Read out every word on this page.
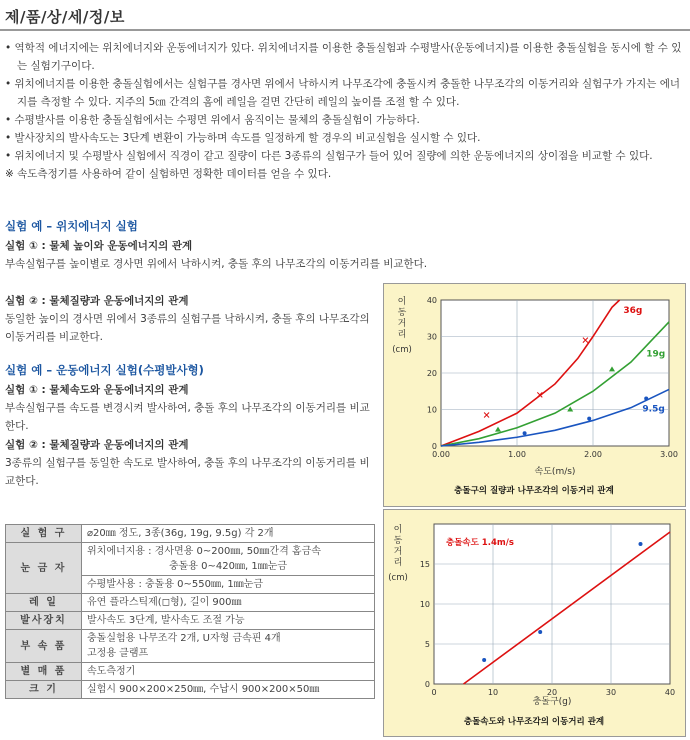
제/품/상/세/정/보
• 역학적 에너지에는 위치에너지와 운동에너지가 있다. 위치에너지를 이용한 충돌실험과 수평발사(운동에너지)를 이용한 충돌실험을 동시에 할 수 있는 실험기구이다.
• 위치에너지를 이용한 충돌실험에서는 실험구를 경사면 위에서 낙하시켜 나무조각에 충돌시켜 충돌한 나무조각의 이동거리와 실험구가 가지는 에너지를 측정할 수 있다. 지주의 5㎝ 간격의 홈에 레일을 걸면 간단히 레일의 높이를 조절 할 수 있다.
• 수평발사를 이용한 충돌실험에서는 수평면 위에서 움직이는 물체의 충돌실험이 가능하다.
• 발사장치의 발사속도는 3단계 변환이 가능하며 속도를 일정하게 할 경우의 비교실험을 실시할 수 있다.
• 위치에너지 및 수평발사 실험에서 직경이 같고 질량이 다른 3종류의 실험구가 들어 있어 질량에 의한 운동에너지의 상이점을 비교할 수 있다.
※ 속도측정기를 사용하여 같이 실험하면 정확한 데이터를 얻을 수 있다.
실험 예 – 위치에너지 실험
실험 ① : 물체 높이와 운동에너지의 관계
부속실험구를 높이별로 경사면 위에서 낙하시켜, 충돌 후의 나무조각의 이동거리를 비교한다.
실험 ② : 물체질량과 운동에너지의 관계
동일한 높이의 경사면 위에서 3종류의 실험구를 낙하시켜, 충돌 후의 나무조각의 이동거리를 비교한다.
실험 예 – 운동에너지 실험(수평발사형)
실험 ① : 물체속도와 운동에너지의 관계
부속실험구를 속도를 변경시켜 발사하여, 충돌 후의 나무조각의 이동거리를 비교한다.
실험 ② : 물체질량과 운동에너지의 관계
3종류의 실험구를 동일한 속도로 발사하여, 충돌 후의 나무조각의 이동거리를 비교한다.
실 험 구	⌀20㎜ 정도, 3종(36g, 19g, 9.5g) 각 2개
눈 금 자	위치에너지용 : 경사면용 0~200㎜, 50㎜간격 홈금속
충돌용 0~420㎜, 1㎜눈금

	수평발사용 : 충돌용 0~550㎜, 1㎜눈금
레 일	유연 플라스틱제(◻형), 길이 900㎜
발사장치	발사속도 3단계, 발사속도 조절 가능
부 속 품	충돌실험용 나무조각 2개, U자형 금속핀 4개
고정용 클램프

별 매 품	속도측정기
크 기	실험시 900×200×250㎜, 수납시 900×200×50㎜
0
10
20
30
40
0.00	1.00	2.00	3.00
36g
19g
9.5g
속도(m/s)
충돌구의 질량과 나무조각의 이동거리 관계
이
동
거
리
(cm)
0
5
10
15
0	10	20	30	40
충돌구(g)
충돌속도와 나무조각의 이동거리 관계
충돌속도 1.4m/s
이
동
거
리
(cm)
